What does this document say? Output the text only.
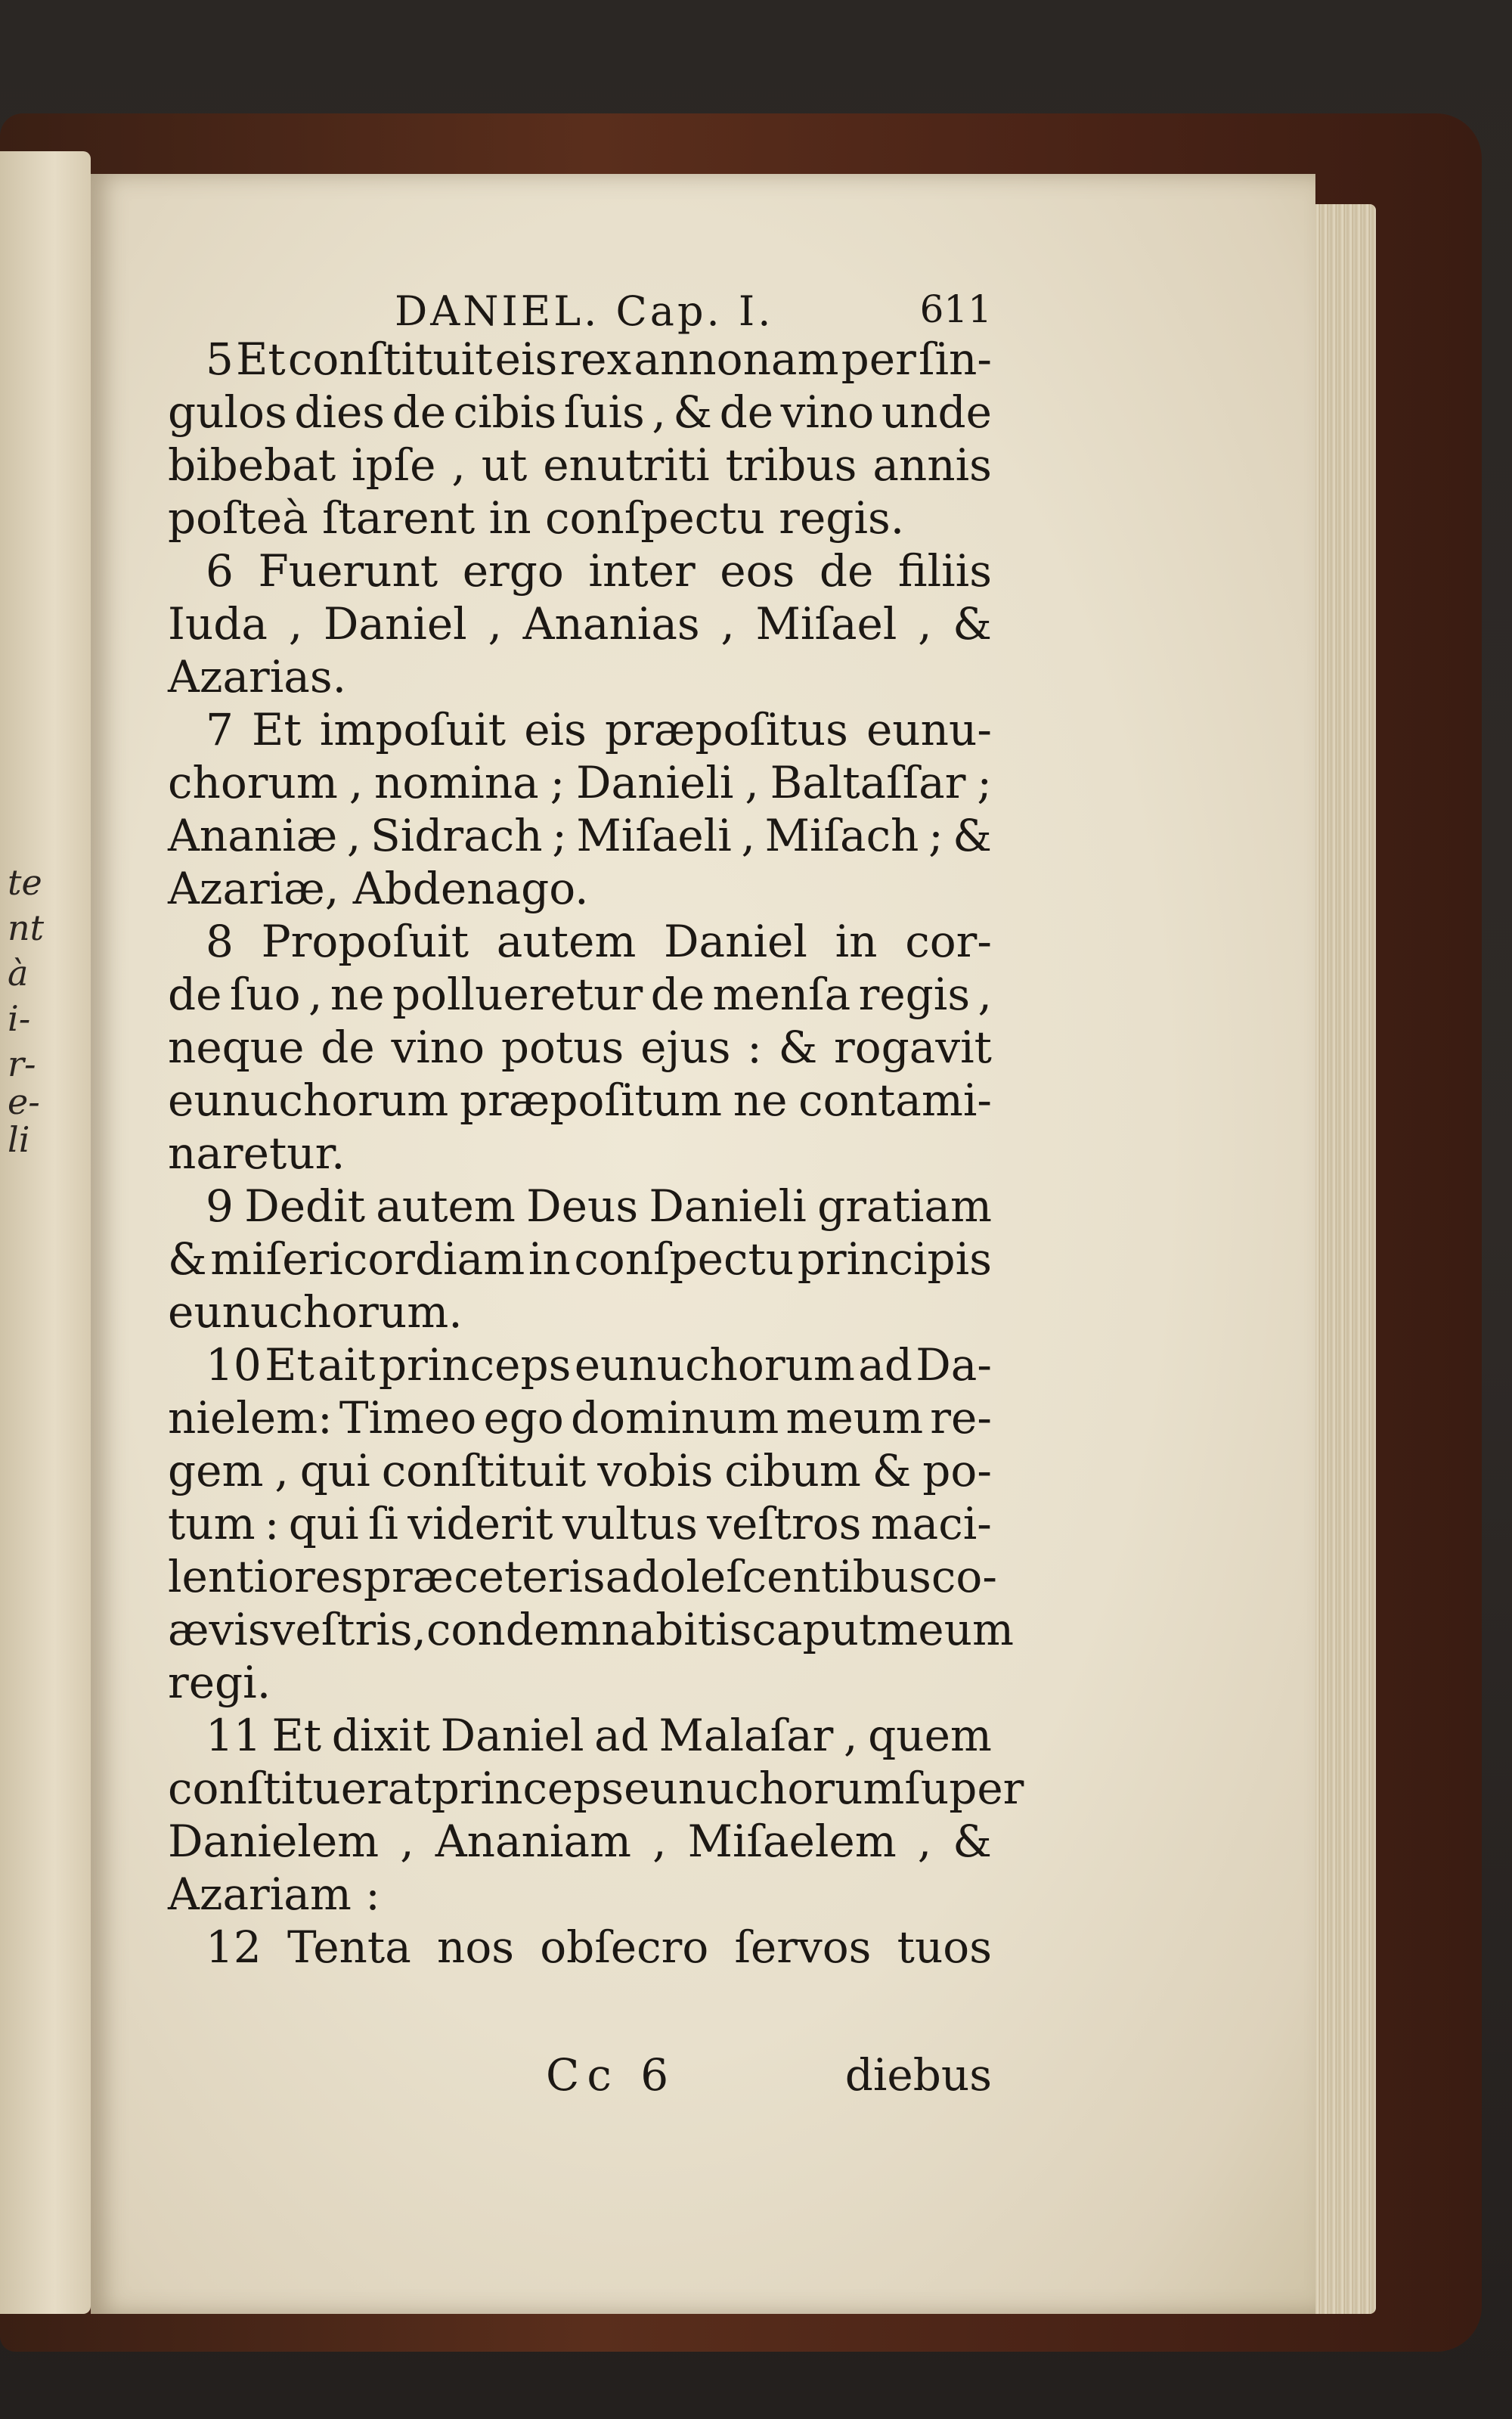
te
nt
à
i-
r-
e-
li
DANIEL. Cap. I.	611
5 Et conſtituit eis rex annonam per ſin-
gulos dies de cibis ſuis , & de vino unde
bibebat ipſe , ut enutriti tribus annis
poſteà ſtarent in conſpectu regis.
6 Fuerunt ergo inter eos de filiis
Iuda , Daniel , Ananias , Miſael , &
Azarias.
7 Et impoſuit eis præpoſitus eunu-
chorum , nomina ; Danieli , Baltaſſar ;
Ananiæ , Sidrach ; Miſaeli , Miſach ; &
Azariæ, Abdenago.
8 Propoſuit autem Daniel in cor-
de ſuo , ne pollueretur de menſa regis ,
neque de vino potus ejus : & rogavit
eunuchorum præpoſitum ne contami-
naretur.
9 Dedit autem Deus Danieli gratiam
& miſericordiam in conſpectu principis
eunuchorum.
10 Et ait princeps eunuchorum ad Da-
nielem: Timeo ego dominum meum re-
gem , qui conſtituit vobis cibum & po-
tum : qui ſi viderit vultus veſtros maci-
lentiores præ ceteris adoleſcentibus co-
ævis veſtris, condemnabitis caput meum
regi.
11 Et dixit Daniel ad Malaſar , quem
conſtituerat princeps eunuchorum ſuper
Danielem , Ananiam , Miſaelem , &
Azariam :
12 Tenta nos obſecro ſervos tuos
Cc 6	diebus
